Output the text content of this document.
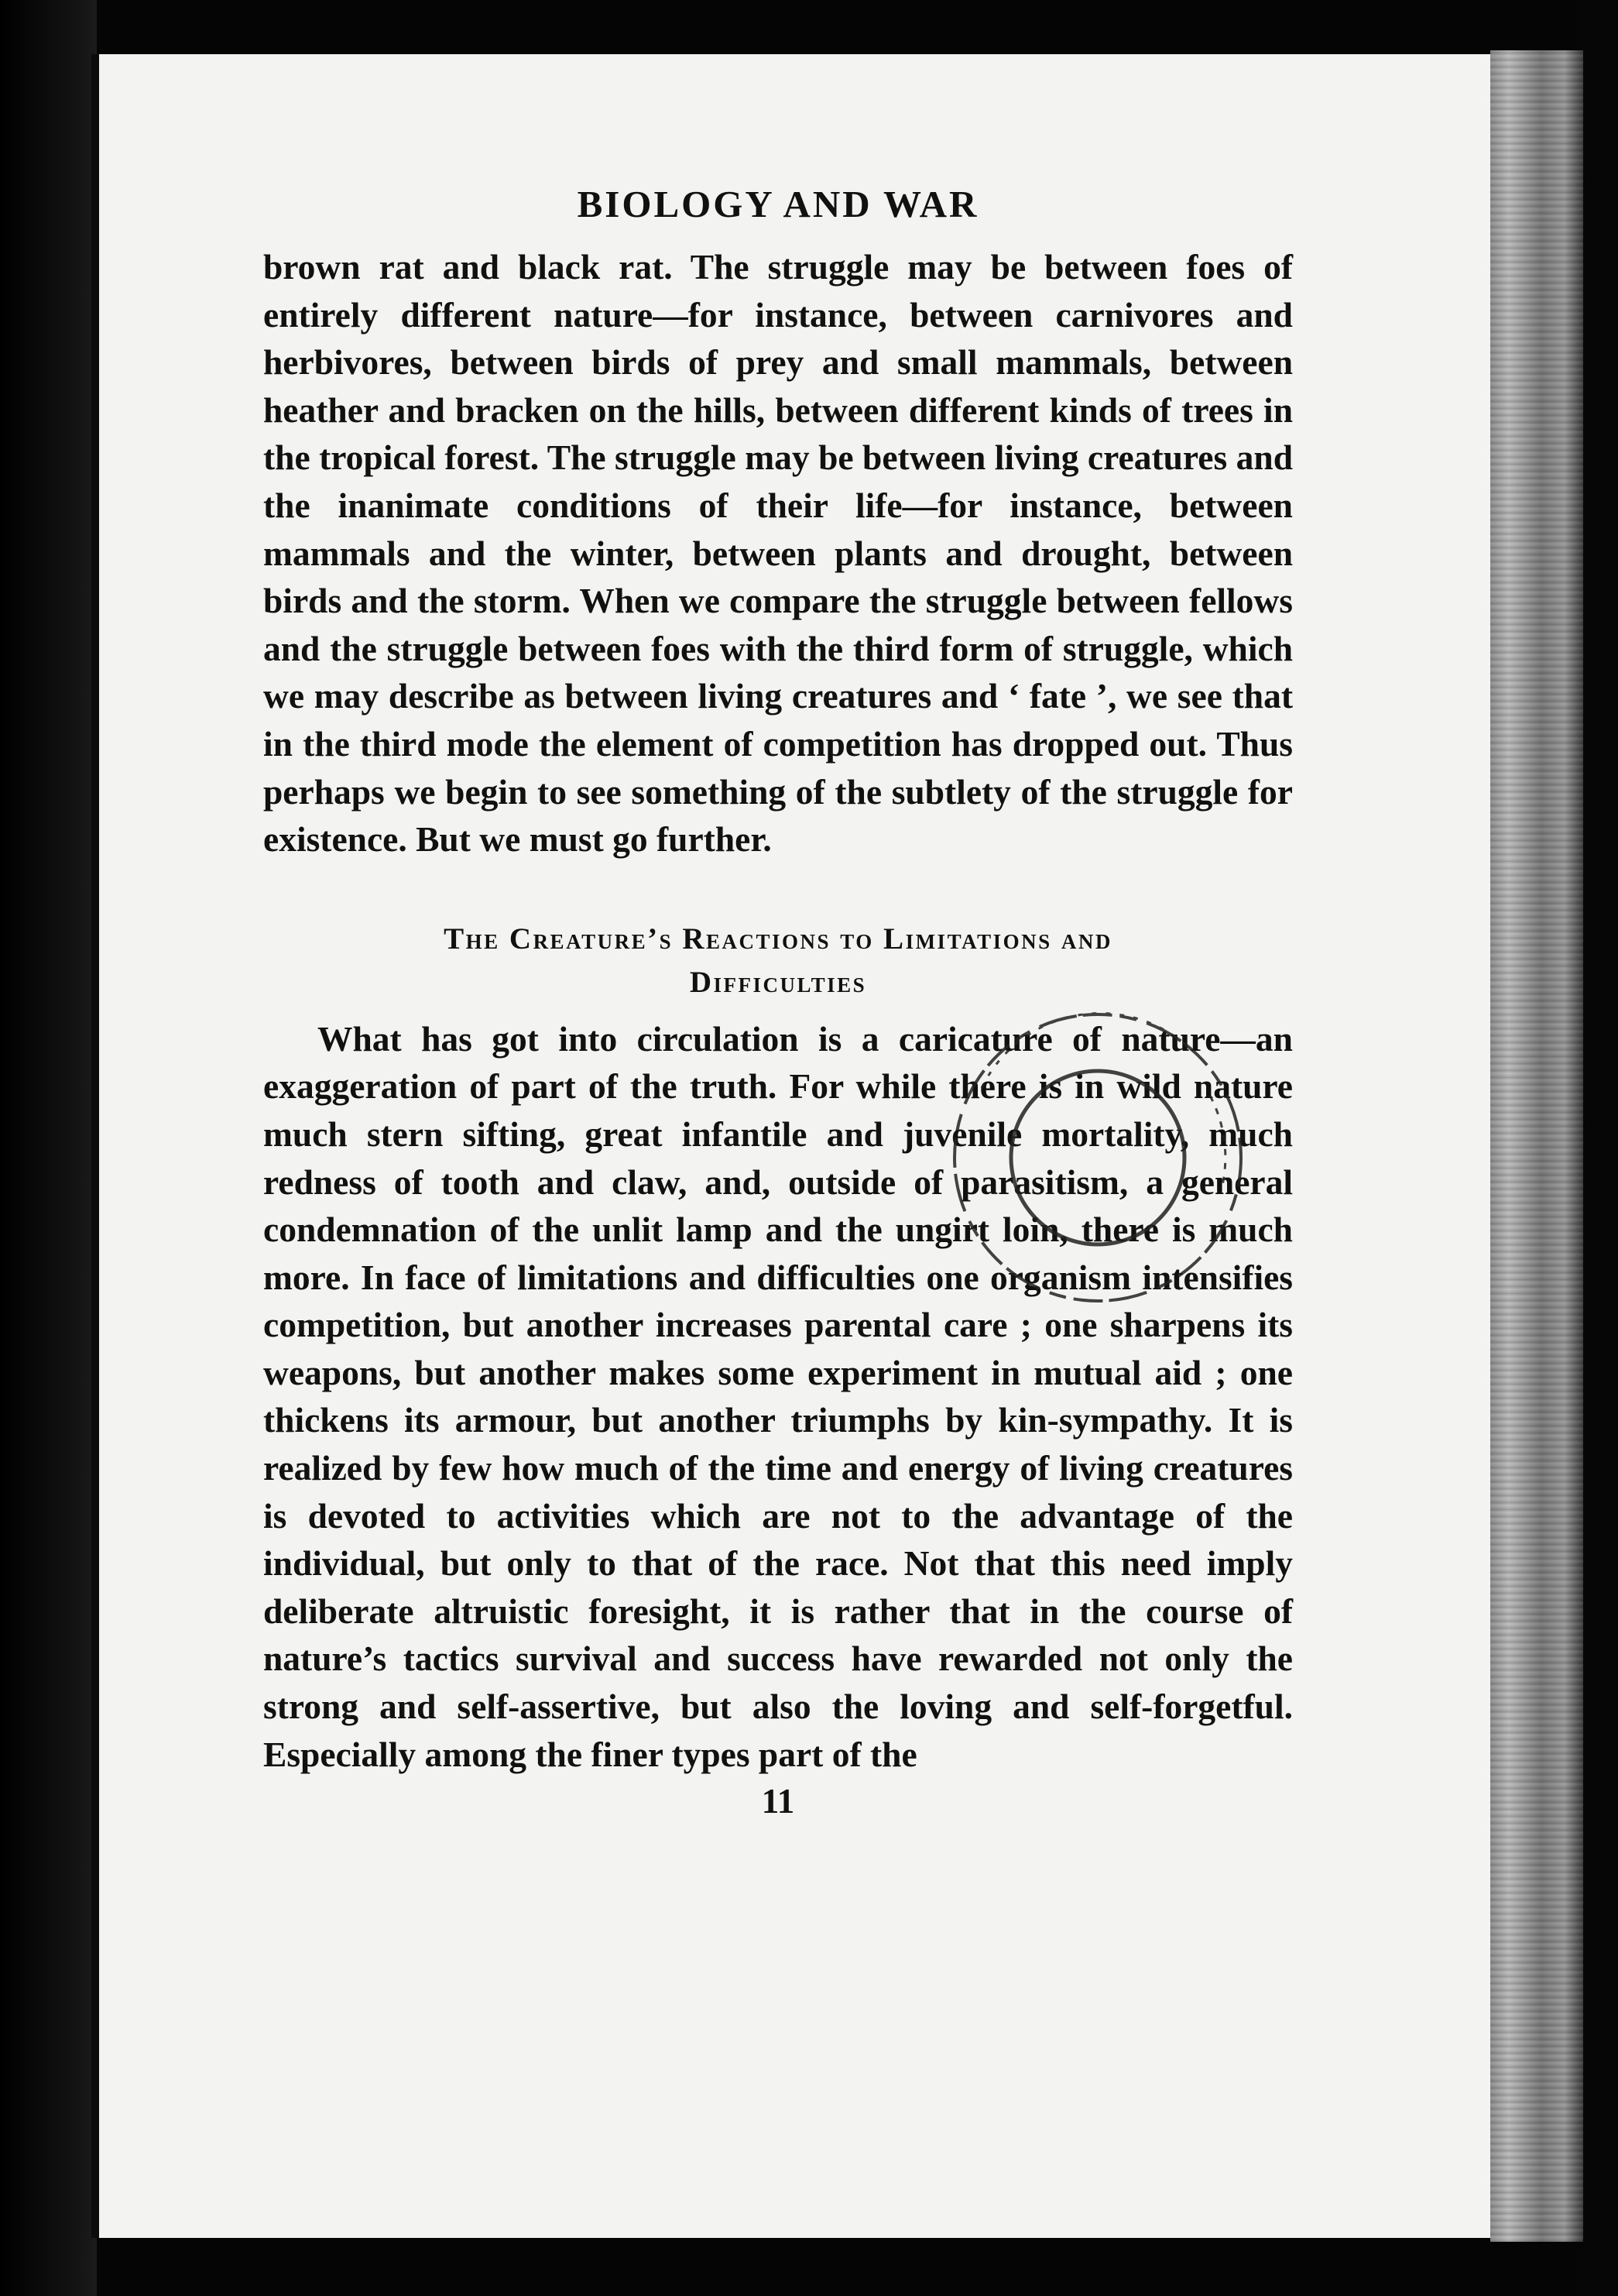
BIOLOGY AND WAR

brown rat and black rat. The struggle may be between foes of entirely different nature—for instance, between carnivores and herbivores, between birds of prey and small mammals, between heather and bracken on the hills, between different kinds of trees in the tropical forest. The struggle may be between living creatures and the inanimate conditions of their life—for instance, between mammals and the winter, between plants and drought, between birds and the storm. When we compare the struggle between fellows and the struggle between foes with the third form of struggle, which we may describe as between living creatures and ‘ fate ’, we see that in the third mode the element of competition has dropped out. Thus perhaps we begin to see something of the subtlety of the struggle for existence. But we must go further.

The Creature’s Reactions to Limitations and
Difficulties

What has got into circulation is a caricature of nature—an exaggeration of part of the truth. For while there is in wild nature much stern sifting, great infantile and juvenile mortality, much redness of tooth and claw, and, outside of parasitism, a general condemnation of the unlit lamp and the ungirt loin, there is much more. In face of limitations and difficulties one organism intensifies competition, but another increases parental care ; one sharpens its weapons, but another makes some experiment in mutual aid ; one thickens its armour, but another triumphs by kin-sympathy. It is realized by few how much of the time and energy of living creatures is devoted to activities which are not to the advantage of the individual, but only to that of the race. Not that this need imply deliberate altruistic foresight, it is rather that in the course of nature’s tactics survival and success have rewarded not only the strong and self-assertive, but also the loving and self-forgetful. Especially among the finer types part of the

11
